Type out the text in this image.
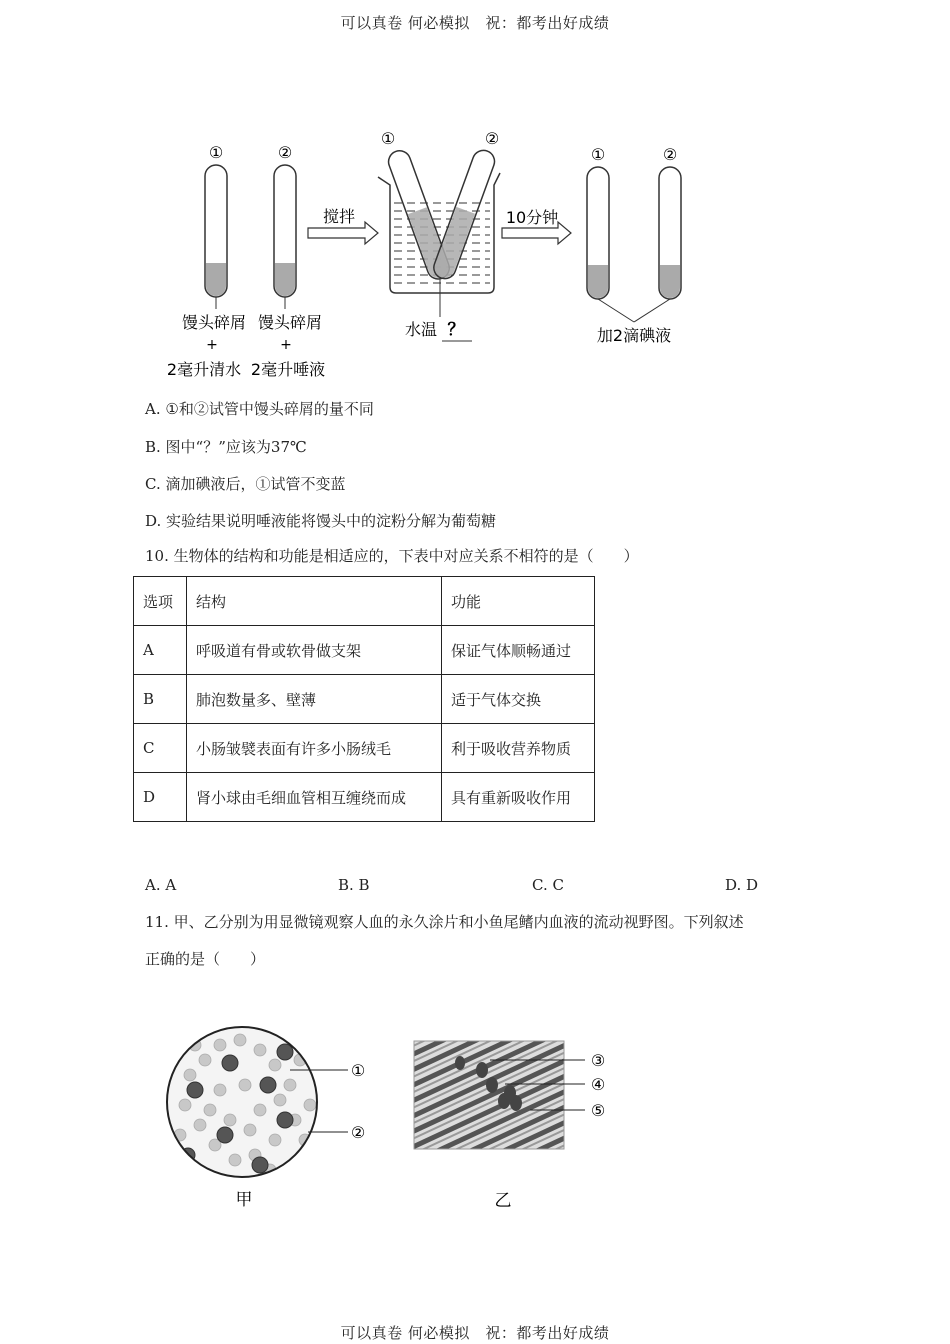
可以真卷 何必模拟　祝：都考出好成绩
①	②
馒头碎屑
+
2毫升清水
馒头碎屑
+
2毫升唾液
搅拌
①	②
水温 ？
10分钟
①	②
加2滴碘液
A. ①和②试管中馒头碎屑的量不同
B. 图中“？”应该为37℃
C. 滴加碘液后，①试管不变蓝
D. 实验结果说明唾液能将馒头中的淀粉分解为葡萄糖
10. 生物体的结构和功能是相适应的，下表中对应关系不相符的是（　　）
选项	结构	功能
A	呼吸道有骨或软骨做支架	保证气体顺畅通过
B	肺泡数量多、壁薄	适于气体交换
C	小肠皱襞表面有许多小肠绒毛	利于吸收营养物质
D	肾小球由毛细血管相互缠绕而成	具有重新吸收作用
A. A	B. B	C. C	D. D
11. 甲、乙分别为用显微镜观察人血的永久涂片和小鱼尾鳍内血液的流动视野图。下列叙述
正确的是（　　）
①
②
甲
③
④
⑤
乙
可以真卷 何必模拟　祝：都考出好成绩
